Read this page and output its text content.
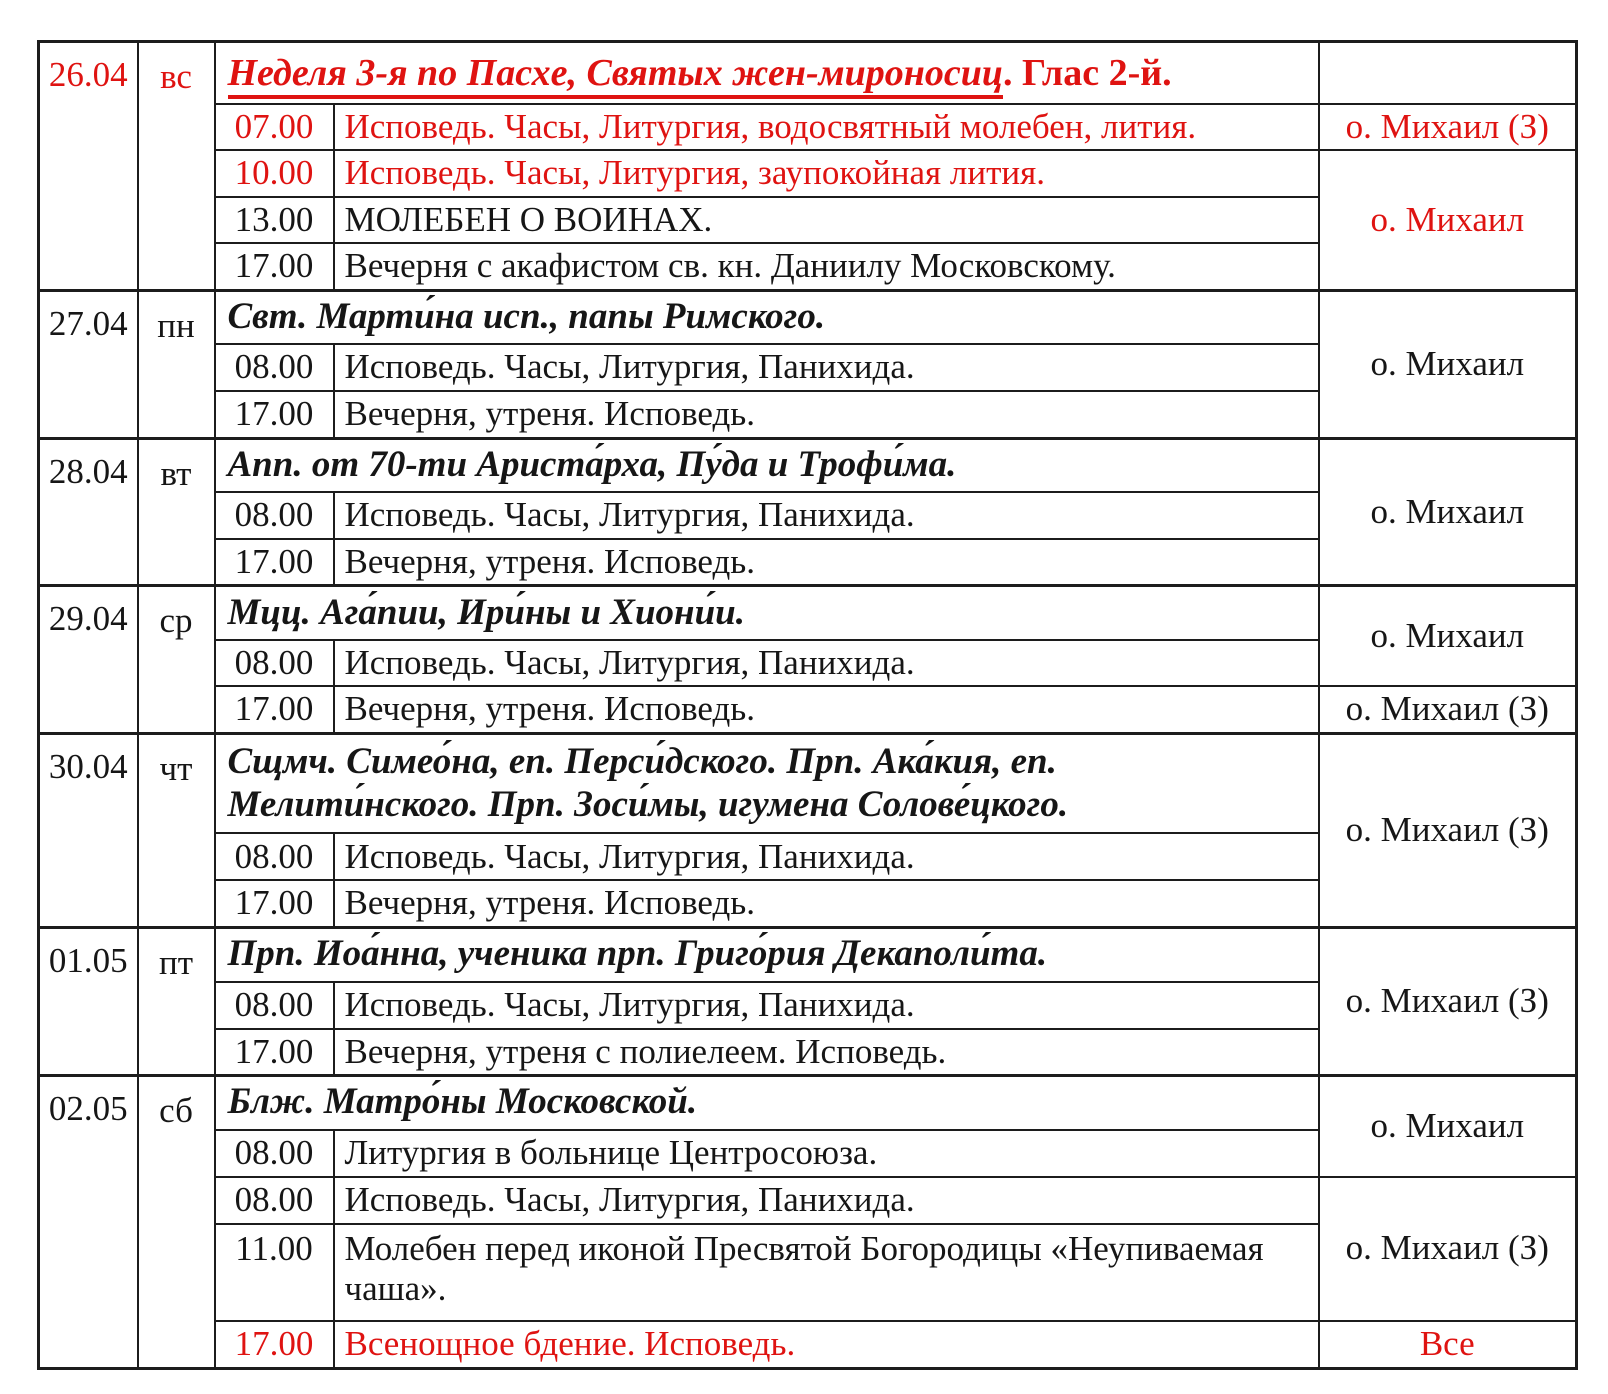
26.04	вс	Неделя 3-я по Пасхе, Святых жен-мироносиц. Глас 2-й.		
		07.00	Исповедь. Часы, Литургия, водосвятный молебен, лития.	о. Михаил (З)
		10.00	Исповедь. Часы, Литургия, заупокойная лития.	о. Михаил
		13.00	МОЛЕБЕН О ВОИНАХ.	
		17.00	Вечерня с акафистом св. кн. Даниилу Московскому.	
27.04	пн	Свт. Марти́на исп., папы Римского.		о. Михаил
		08.00	Исповедь. Часы, Литургия, Панихида.	
		17.00	Вечерня, утреня. Исповедь.	
28.04	вт	Апп. от 70-ти Ариста́рха, Пу́да и Трофи́ма.		о. Михаил
		08.00	Исповедь. Часы, Литургия, Панихида.	
		17.00	Вечерня, утреня. Исповедь.	
29.04	ср	Мцц. Ага́пии, Ири́ны и Хиони́и.		о. Михаил
		08.00	Исповедь. Часы, Литургия, Панихида.	
		17.00	Вечерня, утреня. Исповедь.	о. Михаил (З)
30.04	чт	Сщмч. Симео́на, еп. Перси́дского. Прп. Ака́кия, еп. Мелити́нского. Прп. Зоси́мы, игумена Солове́цкого.		о. Михаил (З)
		08.00	Исповедь. Часы, Литургия, Панихида.	
		17.00	Вечерня, утреня. Исповедь.	
01.05	пт	Прп. Иоа́нна, ученика прп. Григо́рия Декаполи́та.		о. Михаил (З)
		08.00	Исповедь. Часы, Литургия, Панихида.	
		17.00	Вечерня, утреня с полиелеем. Исповедь.	
02.05	сб	Блж. Матро́ны Московской.		о. Михаил
		08.00	Литургия в больнице Центросоюза.	
		08.00	Исповедь. Часы, Литургия, Панихида.	о. Михаил (З)
		11.00	Молебен перед иконой Пресвятой Богородицы «Неупиваемая чаша».	
		17.00	Всенощное бдение. Исповедь.	Все
